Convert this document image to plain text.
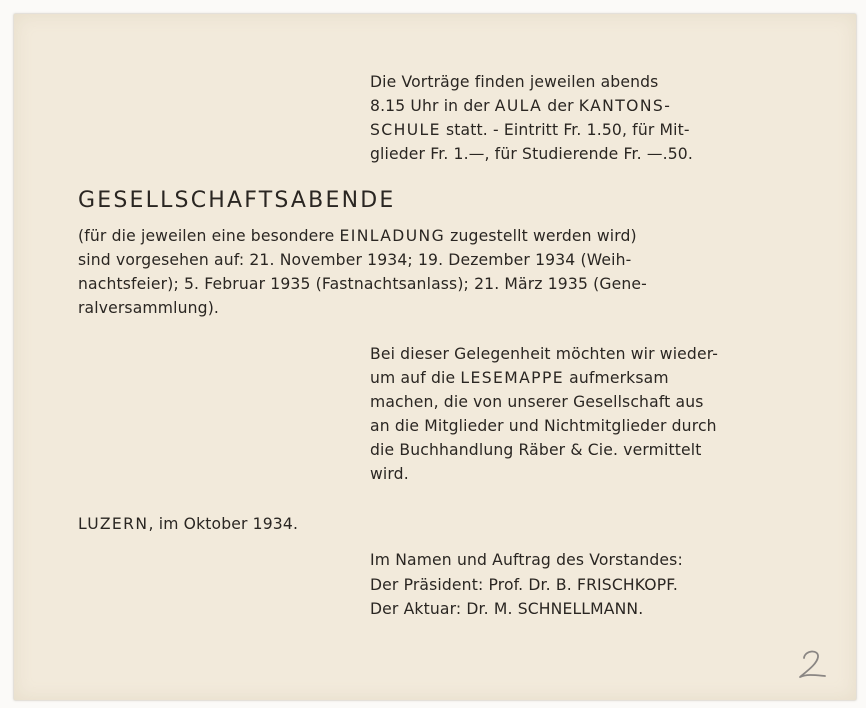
Die Vorträge finden jeweilen abends

8.15 Uhr in der AULA der KANTONS-

SCHULE statt. - Eintritt Fr. 1.50, für Mit-

glieder Fr. 1.—, für Studierende Fr. —.50.

GESELLSCHAFTSABENDE

(für die jeweilen eine besondere EINLADUNG zugestellt werden wird)

sind vorgesehen auf: 21. November 1934; 19. Dezember 1934 (Weih-

nachtsfeier); 5. Februar 1935 (Fastnachtsanlass); 21. März 1935 (Gene-

ralversammlung).

Bei dieser Gelegenheit möchten wir wieder-

um auf die LESEMAPPE aufmerksam

machen, die von unserer Gesellschaft aus

an die Mitglieder und Nichtmitglieder durch

die Buchhandlung Räber & Cie. vermittelt

wird.

LUZERN, im Oktober 1934.

Im Namen und Auftrag des Vorstandes:

Der Präsident: Prof. Dr. B. FRISCHKOPF.

Der Aktuar: Dr. M. SCHNELLMANN.
